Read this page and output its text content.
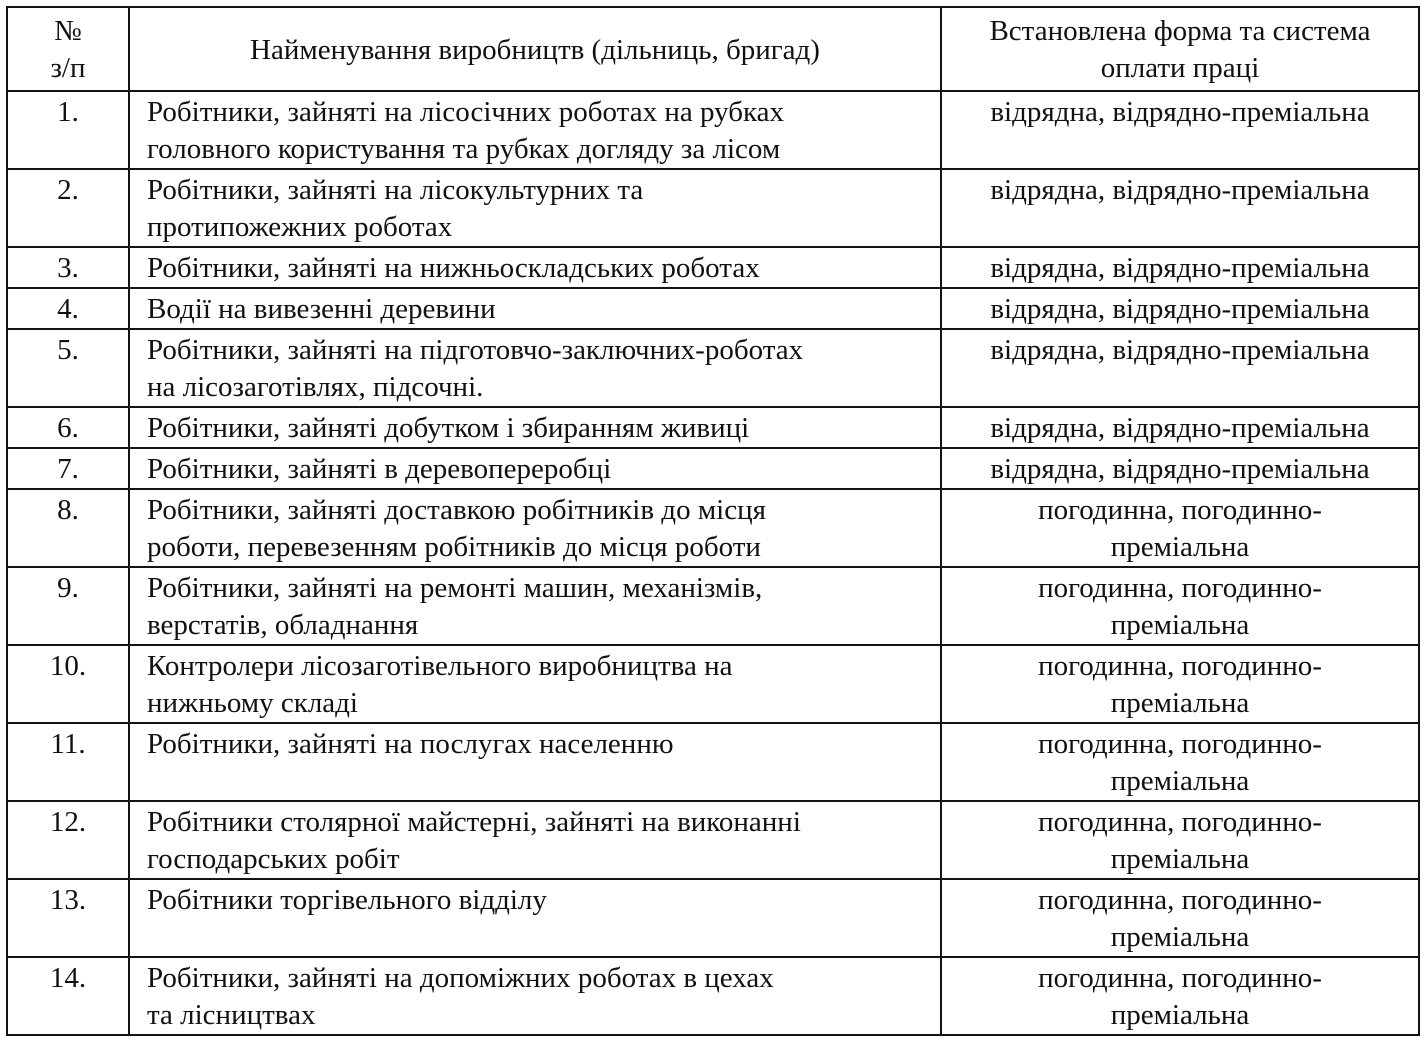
№
з/п	Найменування виробництв (дільниць, бригад)	Встановлена форма та система
оплати праці

1.	Робітники, зайняті на лісосічних роботах на рубках
головного користування та рубках догляду за лісом	відрядна, відрядно-преміальна

2.	Робітники, зайняті на лісокультурних та
протипожежних роботах	відрядна, відрядно-преміальна

3.	Робітники, зайняті на нижньоскладських роботах	відрядна, відрядно-преміальна

4.	Водії на вивезенні деревини	відрядна, відрядно-преміальна

5.	Робітники, зайняті на підготовчо-заключних-роботах
на лісозаготівлях, підсочні.	відрядна, відрядно-преміальна

6.	Робітники, зайняті добутком і збиранням живиці	відрядна, відрядно-преміальна

7.	Робітники, зайняті в деревопереробці	відрядна, відрядно-преміальна

8.	Робітники, зайняті доставкою робітників до місця
роботи, перевезенням робітників до місця роботи	погодинна, погодинно-
преміальна

9.	Робітники, зайняті на ремонті машин, механізмів,
верстатів, обладнання	погодинна, погодинно-
преміальна

10.	Контролери лісозаготівельного виробництва на
нижньому складі	погодинна, погодинно-
преміальна

11.	Робітники, зайняті на послугах населенню	погодинна, погодинно-
преміальна

12.	Робітники столярної майстерні, зайняті на виконанні
господарських робіт	погодинна, погодинно-
преміальна

13.	Робітники торгівельного відділу	погодинна, погодинно-
преміальна

14.	Робітники, зайняті на допоміжних роботах в цехах
та лісництвах	погодинна, погодинно-
преміальна
